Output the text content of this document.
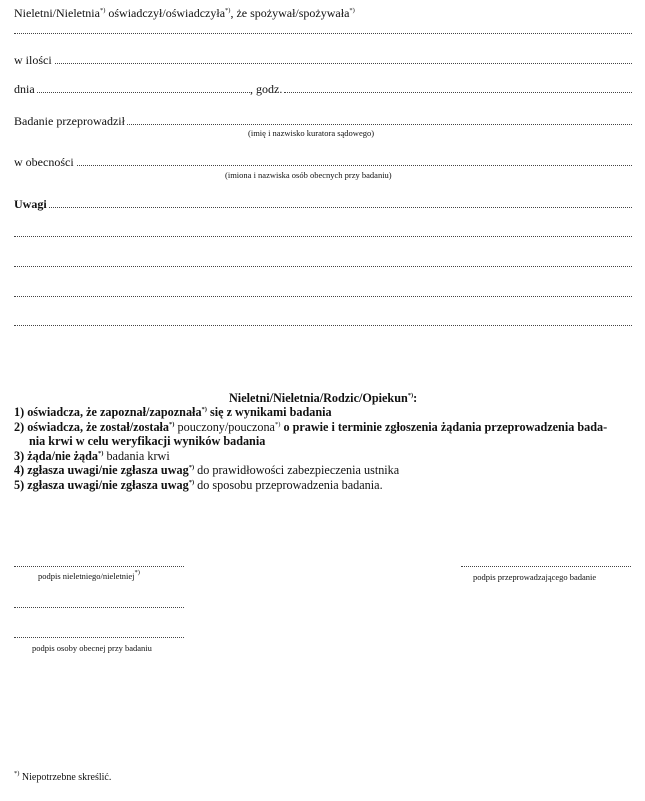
Nieletni/Nieletnia*) oświadczył/oświadczyła*), że spożywał/spożywała*)
w ilości
dnia	, godz.
Badanie przeprowadził
(imię i nazwisko kuratora sądowego)
w obecności
(imiona i nazwiska osób obecnych przy badaniu)
Uwagi
Nieletni/Nieletnia/Rodzic/Opiekun*):
1) oświadcza, że zapoznał/zapoznała*) się z wynikami badania
2) oświadcza, że został/została*) pouczony/pouczona*) o prawie i terminie zgłoszenia żądania przeprowadzenia bada-
nia krwi w celu weryfikacji wyników badania
3) żąda/nie żąda*) badania krwi
4) zgłasza uwagi/nie zgłasza uwag*) do prawidłowości zabezpieczenia ustnika
5) zgłasza uwagi/nie zgłasza uwag*) do sposobu przeprowadzenia badania.
podpis nieletniego/nieletniej*)	podpis przeprowadzającego badanie
podpis osoby obecnej przy badaniu
*) Niepotrzebne skreślić.
